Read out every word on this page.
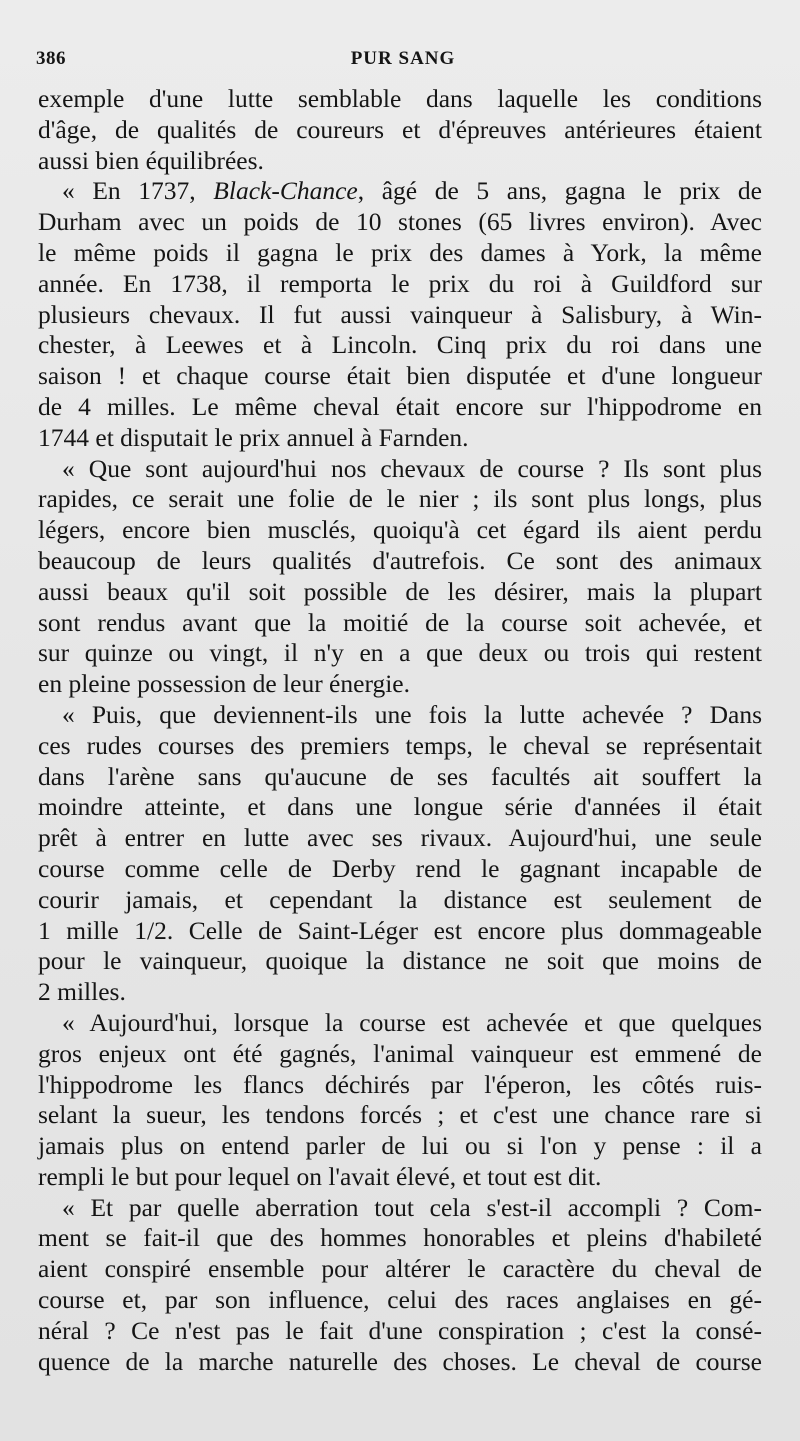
386	PUR SANG
exemple d'une lutte semblable dans laquelle les conditions
d'âge, de qualités de coureurs et d'épreuves antérieures étaient
aussi bien équilibrées.
« En 1737, Black-Chance, âgé de 5 ans, gagna le prix de
Durham avec un poids de 10 stones (65 livres environ). Avec
le même poids il gagna le prix des dames à York, la même
année. En 1738, il remporta le prix du roi à Guildford sur
plusieurs chevaux. Il fut aussi vainqueur à Salisbury, à Win-
chester, à Leewes et à Lincoln. Cinq prix du roi dans une
saison ! et chaque course était bien disputée et d'une longueur
de 4 milles. Le même cheval était encore sur l'hippodrome en
1744 et disputait le prix annuel à Farnden.
« Que sont aujourd'hui nos chevaux de course ? Ils sont plus
rapides, ce serait une folie de le nier ; ils sont plus longs, plus
légers, encore bien musclés, quoiqu'à cet égard ils aient perdu
beaucoup de leurs qualités d'autrefois. Ce sont des animaux
aussi beaux qu'il soit possible de les désirer, mais la plupart
sont rendus avant que la moitié de la course soit achevée, et
sur quinze ou vingt, il n'y en a que deux ou trois qui restent
en pleine possession de leur énergie.
« Puis, que deviennent-ils une fois la lutte achevée ? Dans
ces rudes courses des premiers temps, le cheval se représentait
dans l'arène sans qu'aucune de ses facultés ait souffert la
moindre atteinte, et dans une longue série d'années il était
prêt à entrer en lutte avec ses rivaux. Aujourd'hui, une seule
course comme celle de Derby rend le gagnant incapable de
courir jamais, et cependant la distance est seulement de
1 mille 1/2. Celle de Saint-Léger est encore plus dommageable
pour le vainqueur, quoique la distance ne soit que moins de
2 milles.
« Aujourd'hui, lorsque la course est achevée et que quelques
gros enjeux ont été gagnés, l'animal vainqueur est emmené de
l'hippodrome les flancs déchirés par l'éperon, les côtés ruis-
selant la sueur, les tendons forcés ; et c'est une chance rare si
jamais plus on entend parler de lui ou si l'on y pense : il a
rempli le but pour lequel on l'avait élevé, et tout est dit.
« Et par quelle aberration tout cela s'est-il accompli ? Com-
ment se fait-il que des hommes honorables et pleins d'habileté
aient conspiré ensemble pour altérer le caractère du cheval de
course et, par son influence, celui des races anglaises en gé-
néral ? Ce n'est pas le fait d'une conspiration ; c'est la consé-
quence de la marche naturelle des choses. Le cheval de course
